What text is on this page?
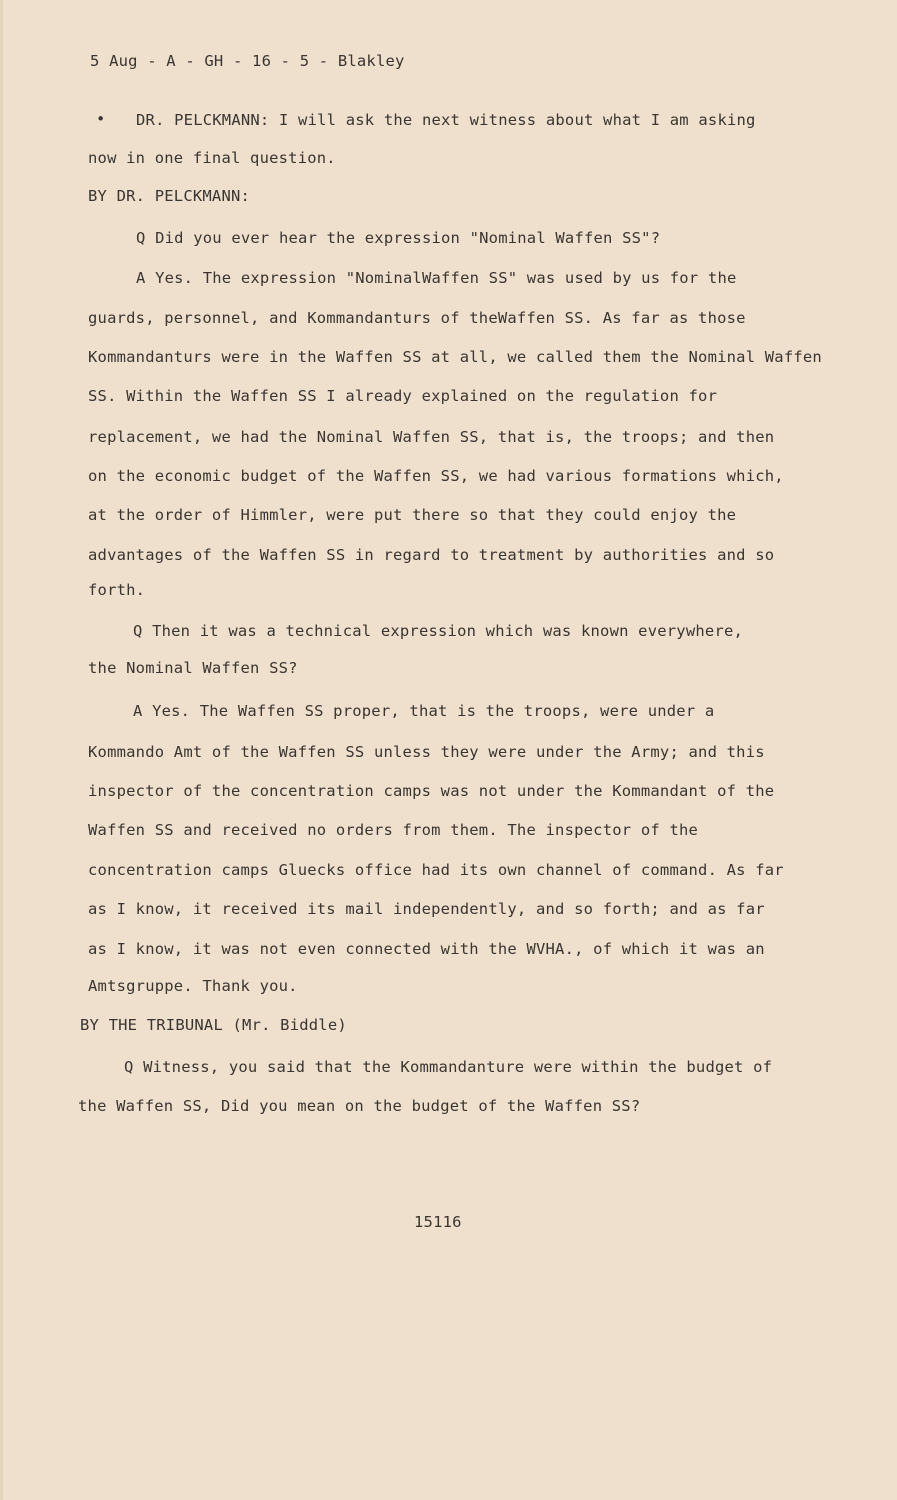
5 Aug - A - GH - 16 - 5 - Blakley
• DR. PELCKMANN: I will ask the next witness about what I am asking
now in one final question.
BY DR. PELCKMANN:
Q Did you ever hear the expression "Nominal Waffen SS"?
A Yes. The expression "NominalWaffen SS" was used by us for the
guards, personnel, and Kommandanturs of theWaffen SS. As far as those
Kommandanturs were in the Waffen SS at all, we called them the Nominal Waffen
SS. Within the Waffen SS I already explained on the regulation for
replacement, we had the Nominal Waffen SS, that is, the troops; and then
on the economic budget of the Waffen SS, we had various formations which,
at the order of Himmler, were put there so that they could enjoy the
advantages of the Waffen SS in regard to treatment by authorities and so
forth.
Q Then it was a technical expression which was known everywhere,
the Nominal Waffen SS?
A Yes. The Waffen SS proper, that is the troops, were under a
Kommando Amt of the Waffen SS unless they were under the Army; and this
inspector of the concentration camps was not under the Kommandant of the
Waffen SS and received no orders from them. The inspector of the
concentration camps Gluecks office had its own channel of command. As far
as I know, it received its mail independently, and so forth; and as far
as I know, it was not even connected with the WVHA., of which it was an
Amtsgruppe. Thank you.
BY THE TRIBUNAL (Mr. Biddle)
Q Witness, you said that the Kommandanture were within the budget of
the Waffen SS, Did you mean on the budget of the Waffen SS?
15116
